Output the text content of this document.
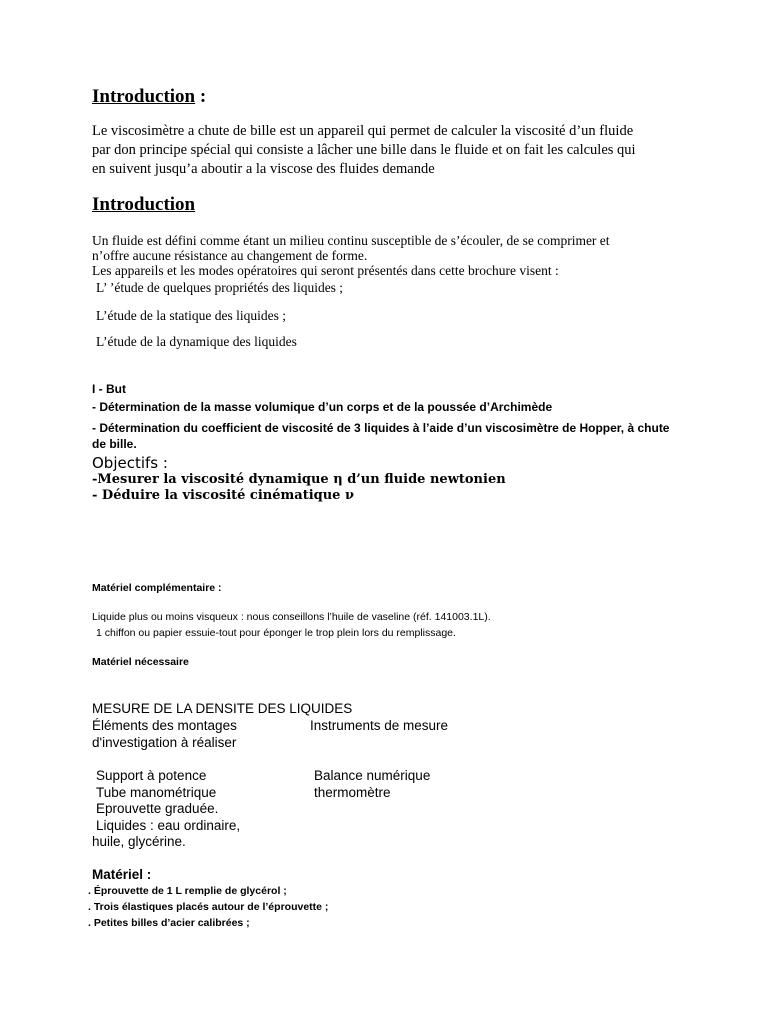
Introduction :
Le viscosimètre a chute de bille est un appareil qui permet de calculer la viscosité d’un fluide
par don principe spécial qui consiste a lâcher une bille dans le fluide et on fait les calcules qui
en suivent jusqu’a aboutir a la viscose des fluides demande
Introduction
Un fluide est défini comme étant un milieu continu susceptible de s’écouler, de se comprimer et
n’offre aucune résistance au changement de forme.
Les appareils et les modes opératoires qui seront présentés dans cette brochure visent :
L’ ’étude de quelques propriétés des liquides ;
L’étude de la statique des liquides ;
L’étude de la dynamique des liquides
I - But
- Détermination de la masse volumique d’un corps et de la poussée d’Archimède
- Détermination du coefficient de viscosité de 3 liquides à l’aide d’un viscosimètre de Hopper, à chute
de bille.
Objectifs :
-Mesurer la viscosité dynamique η d’un fluide newtonien
- Déduire la viscosité cinématique ν
Matériel complémentaire :
Liquide plus ou moins visqueux : nous conseillons l’huile de vaseline (réf. 141003.1L).
1 chiffon ou papier essuie-tout pour éponger le trop plein lors du remplissage.
Matériel nécessaire
MESURE DE LA DENSITE DES LIQUIDES
Éléments des montages
d'investigation à réaliser
Instruments de mesure
Support à potence
Tube manométrique
Eprouvette graduée.
Liquides : eau ordinaire,
huile, glycérine.
Balance numérique
thermomètre
Matériel :
. Éprouvette de 1 L remplie de glycérol ;
. Trois élastiques placés autour de l’éprouvette ;
. Petites billes d’acier calibrées ;
